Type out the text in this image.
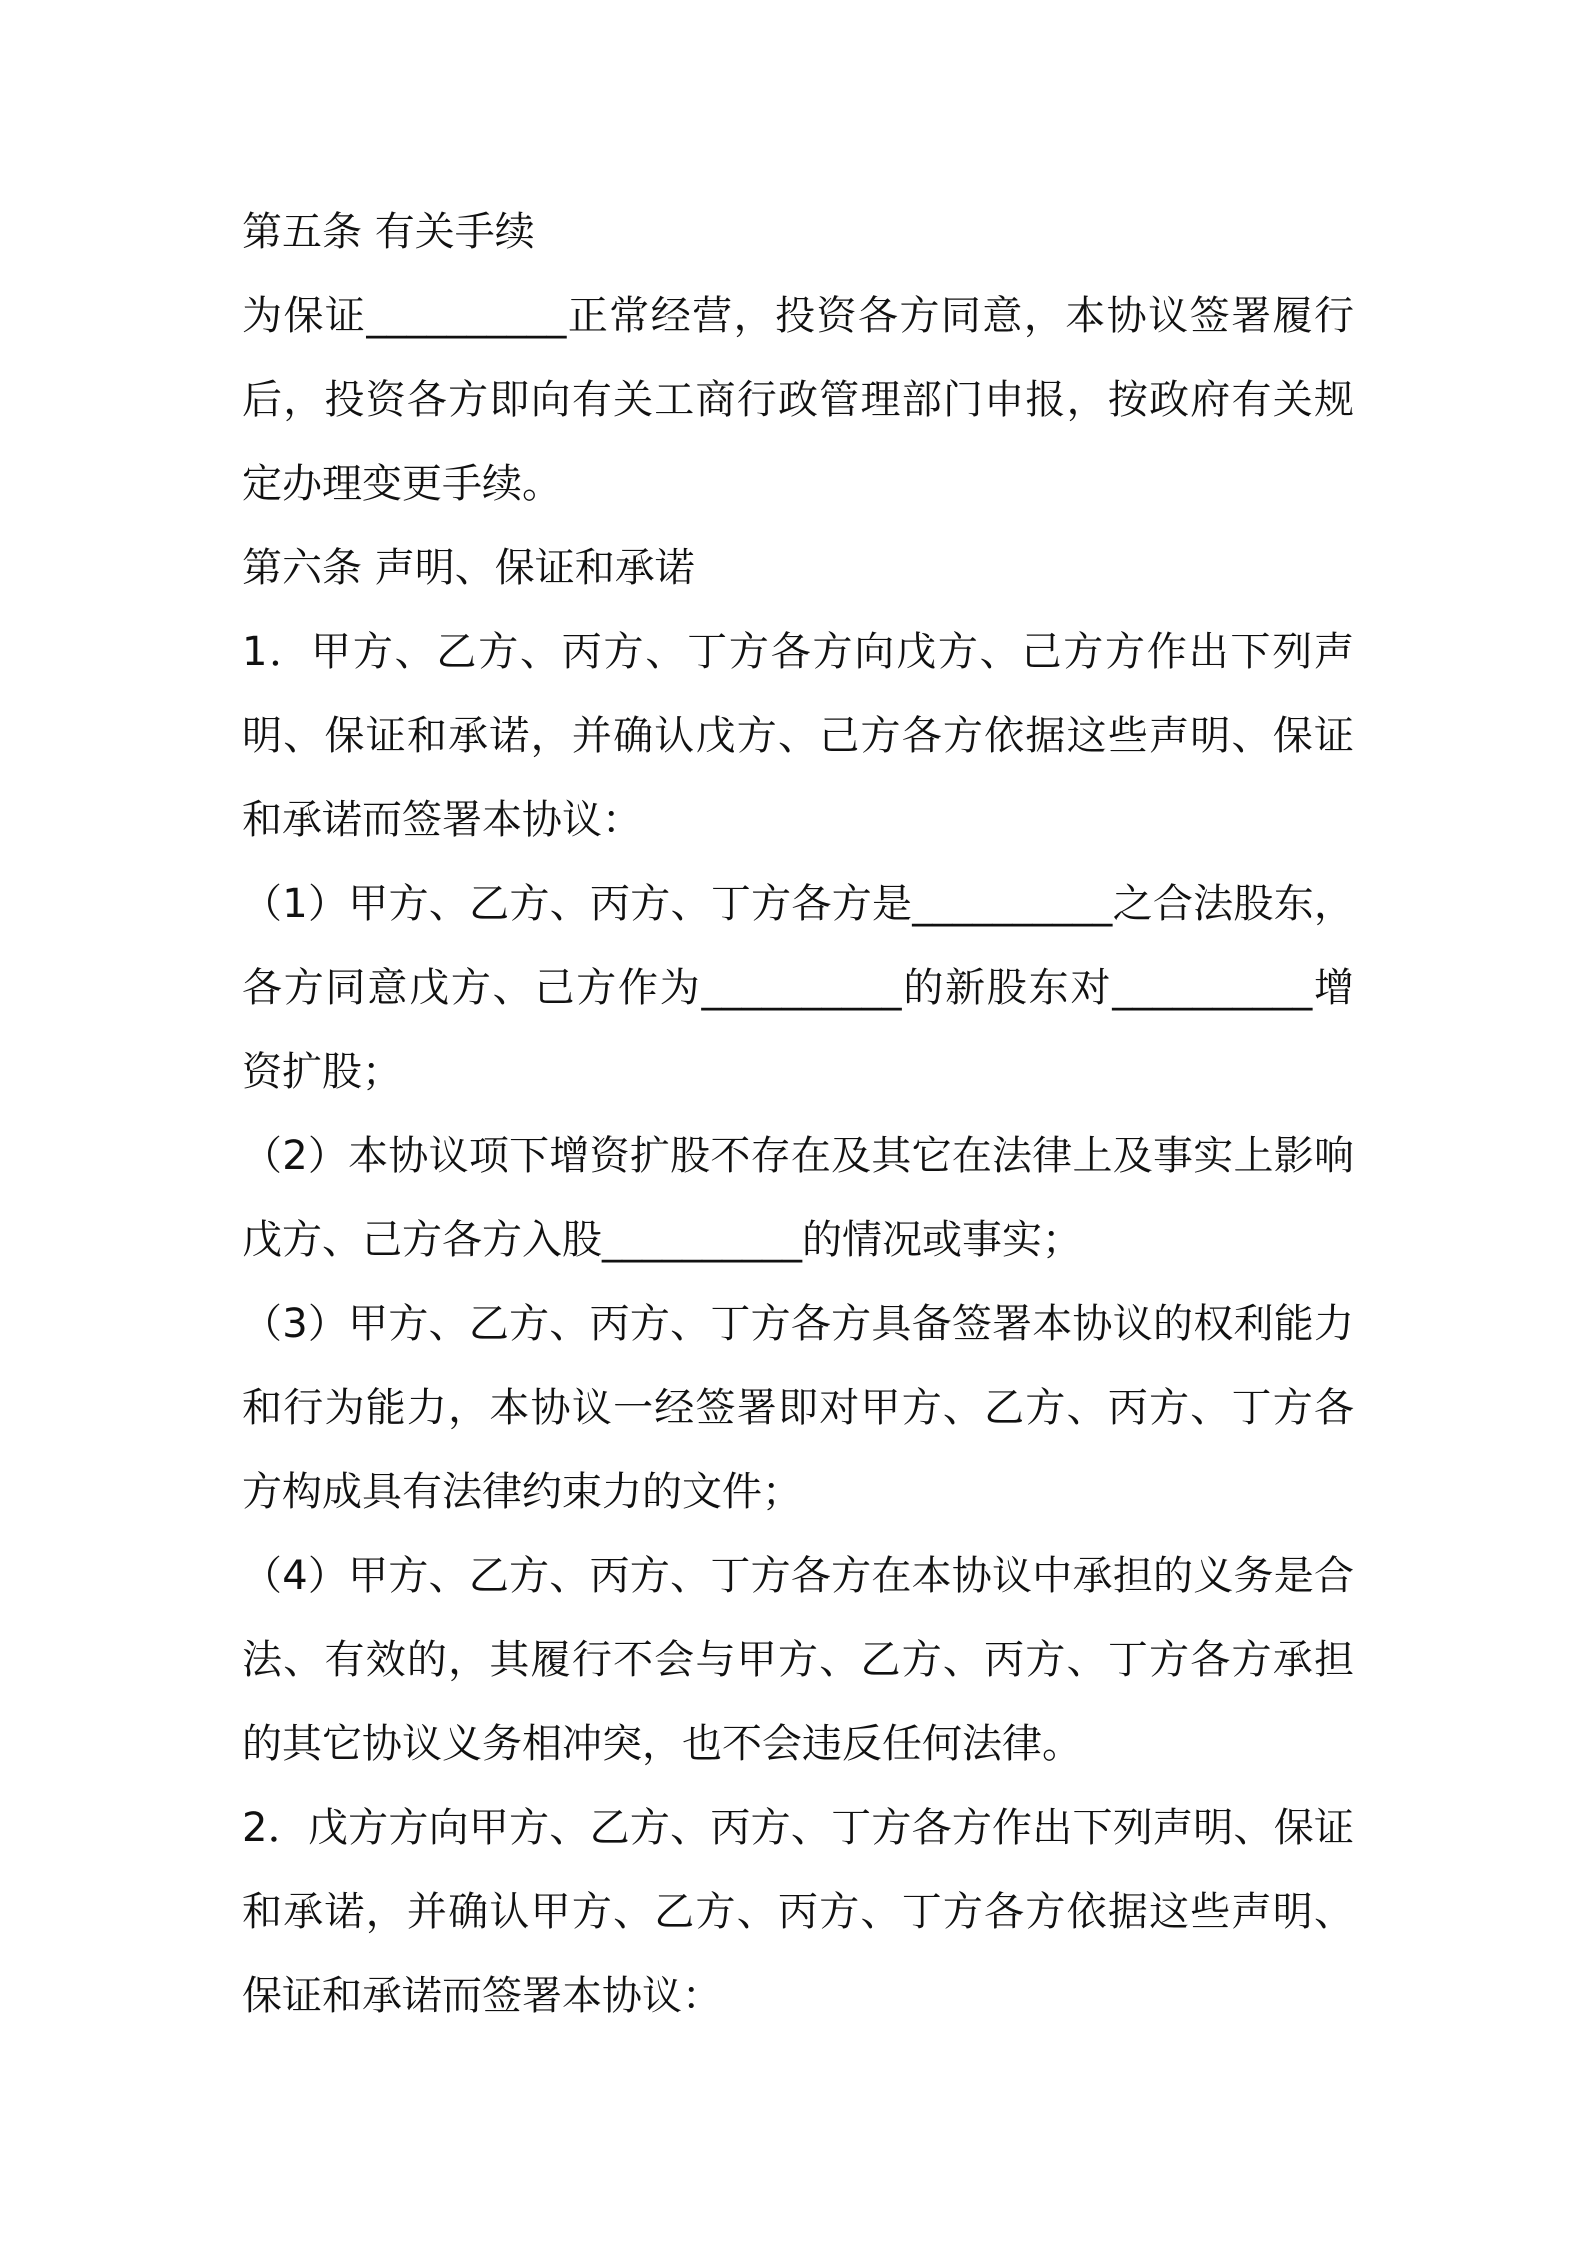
第五条 有关手续

为保证__________正常经营，投资各方同意，本协议签署履行后，投资各方即向有关工商行政管理部门申报，按政府有关规定办理变更手续。

第六条 声明、保证和承诺

1．甲方、乙方、丙方、丁方各方向戊方、己方方作出下列声明、保证和承诺，并确认戊方、己方各方依据这些声明、保证和承诺而签署本协议：

（1）甲方、乙方、丙方、丁方各方是__________之合法股东，各方同意戊方、己方作为__________的新股东对__________增资扩股；

（2）本协议项下增资扩股不存在及其它在法律上及事实上影响戊方、己方各方入股__________的情况或事实；

（3）甲方、乙方、丙方、丁方各方具备签署本协议的权利能力和行为能力，本协议一经签署即对甲方、乙方、丙方、丁方各方构成具有法律约束力的文件；

（4）甲方、乙方、丙方、丁方各方在本协议中承担的义务是合法、有效的，其履行不会与甲方、乙方、丙方、丁方各方承担的其它协议义务相冲突，也不会违反任何法律。

2．戊方方向甲方、乙方、丙方、丁方各方作出下列声明、保证和承诺，并确认甲方、乙方、丙方、丁方各方依据这些声明、保证和承诺而签署本协议：
